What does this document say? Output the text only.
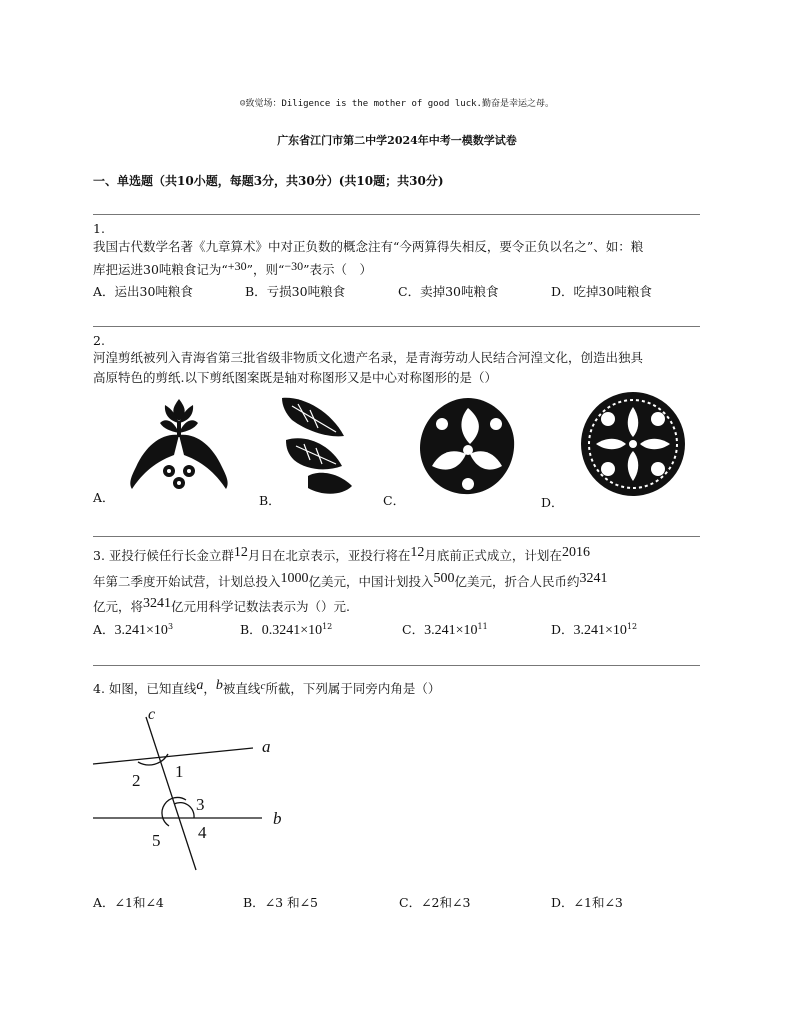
☺致觉场：Diligence is the mother of good luck.勤奋是幸运之母。
广东省江门市第二中学2024年中考一模数学试卷
一、单选题（共10小题，每题3分，共30分）(共10题；共30分)
1.
我国古代数学名著《九章算术》中对正负数的概念注有“今两算得失相反，要令正负以名之”、如：粮
库把运进30吨粮食记为“$^{+30}$”，则“$^{-30}$”表示（　）
A．运出30吨粮食	B．亏损30吨粮食	C．卖掉30吨粮食	D．吃掉30吨粮食
2.
河湟剪纸被列入青海省第三批省级非物质文化遗产名录，是青海劳动人民结合河湟文化，创造出独具
高原特色的剪纸.以下剪纸图案既是轴对称图形又是中心对称图形的是（）
A．	B．	C．	D．
3. 亚投行候任行长金立群$^{12}$月日在北京表示，亚投行将在$^{12}$月底前正式成立，计划在$^{2016}$
年第二季度开始试营，计划总投入$^{1000}$亿美元，中国计划投入$^{500}$亿美元，折合人民币约$^{3241}$
亿元，将$^{3241}$亿元用科学记数法表示为（）元.
A．$3.241\times 10^3$	B．$0.3241\times 10^{12}$	C．$3.241\times 10^{11}$	D．$3.241\times 10^{12}$
4. 如图，已知直线a，b被直线c所截，下列属于同旁内角是（）
c
a
b
1
2
3
4
5
A．∠1和∠4	B．∠3 和∠5	C．∠2和∠3	D．∠1和∠3
